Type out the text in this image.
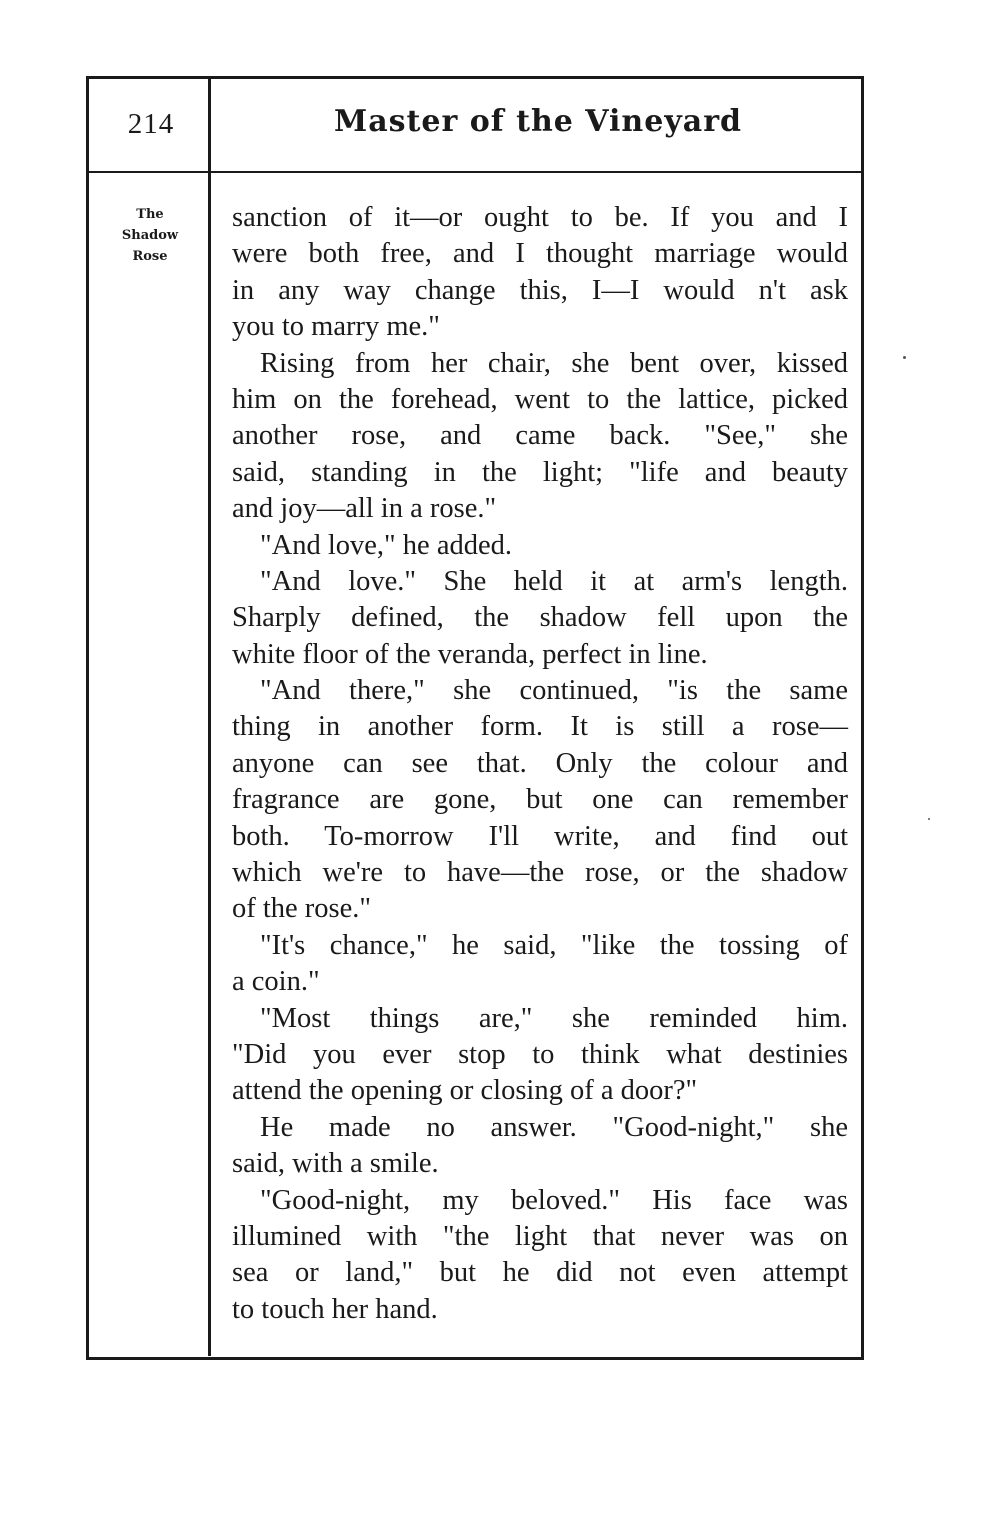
214	Master of the Vineyard
The
Shadow
Rose
sanction of it—or ought to be. If you and I
were both free, and I thought marriage would
in any way change this, I—I would n't ask
you to marry me."
Rising from her chair, she bent over, kissed
him on the forehead, went to the lattice, picked
another rose, and came back. "See," she
said, standing in the light; "life and beauty
and joy—all in a rose."
"And love," he added.
"And love." She held it at arm's length.
Sharply defined, the shadow fell upon the
white floor of the veranda, perfect in line.
"And there," she continued, "is the same
thing in another form. It is still a rose—
anyone can see that. Only the colour and
fragrance are gone, but one can remember
both. To-morrow I'll write, and find out
which we're to have—the rose, or the shadow
of the rose."
"It's chance," he said, "like the tossing of
a coin."
"Most things are," she reminded him.
"Did you ever stop to think what destinies
attend the opening or closing of a door?"
He made no answer. "Good-night," she
said, with a smile.
"Good-night, my beloved." His face was
illumined with "the light that never was on
sea or land," but he did not even attempt
to touch her hand.
